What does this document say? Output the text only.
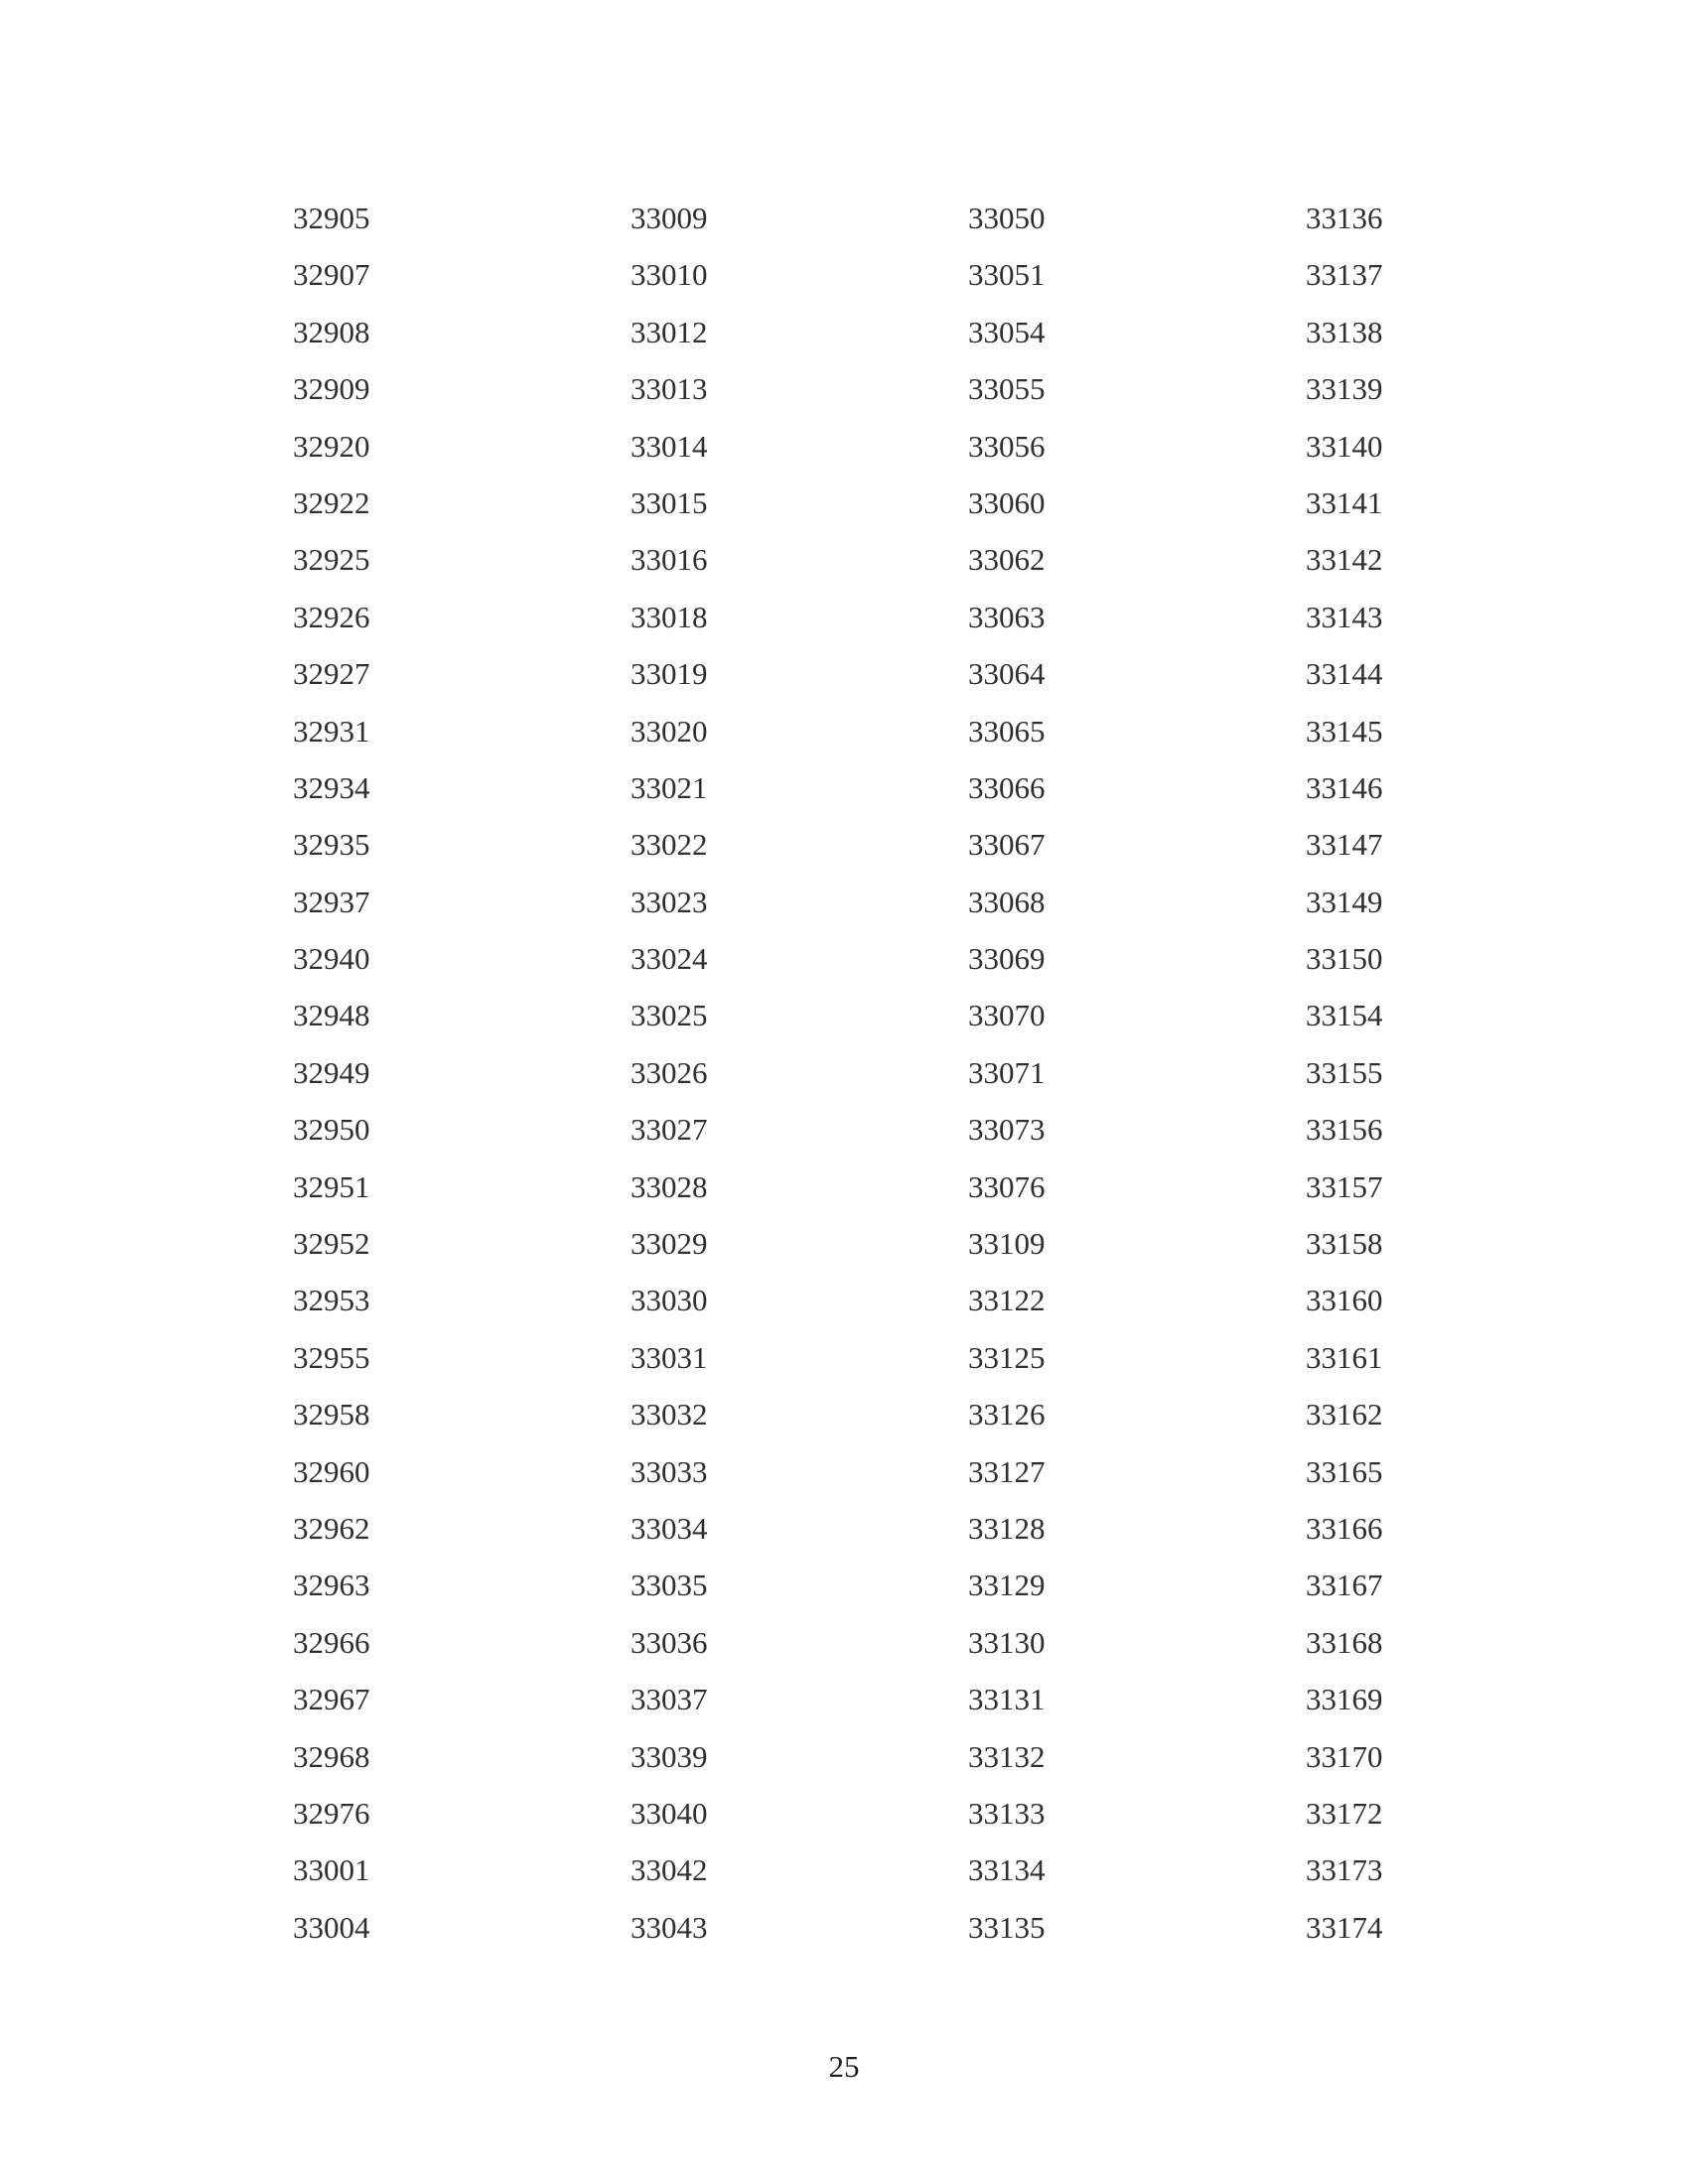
32905	33009	33050	33136
32907	33010	33051	33137
32908	33012	33054	33138
32909	33013	33055	33139
32920	33014	33056	33140
32922	33015	33060	33141
32925	33016	33062	33142
32926	33018	33063	33143
32927	33019	33064	33144
32931	33020	33065	33145
32934	33021	33066	33146
32935	33022	33067	33147
32937	33023	33068	33149
32940	33024	33069	33150
32948	33025	33070	33154
32949	33026	33071	33155
32950	33027	33073	33156
32951	33028	33076	33157
32952	33029	33109	33158
32953	33030	33122	33160
32955	33031	33125	33161
32958	33032	33126	33162
32960	33033	33127	33165
32962	33034	33128	33166
32963	33035	33129	33167
32966	33036	33130	33168
32967	33037	33131	33169
32968	33039	33132	33170
32976	33040	33133	33172
33001	33042	33134	33173
33004	33043	33135	33174
25
